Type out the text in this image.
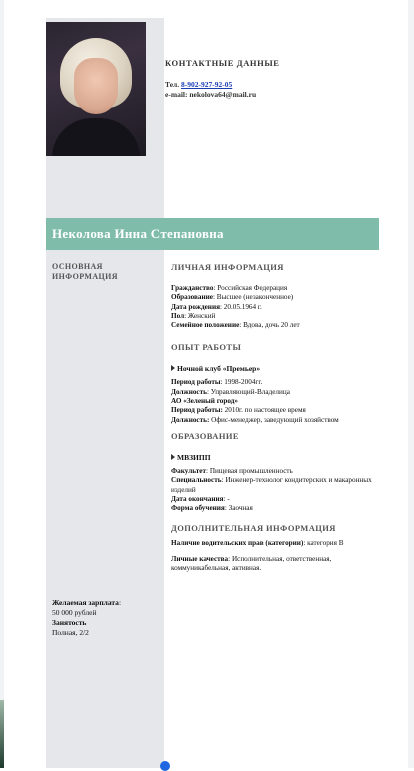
КОНТАКТНЫЕ ДАННЫЕ
Тел. 8-902-927-92-05
e-mail: nekolova64@mail.ru
Неколова Инна Степановна
ОСНОВНАЯ
ИНФОРМАЦИЯ
ЛИЧНАЯ ИНФОРМАЦИЯ
Гражданство: Российская Федерация
Образование: Высшее (незаконченное)
Дата рождения: 20.05.1964 г.
Пол: Женский
Семейное положение: Вдова, дочь 20 лет
ОПЫТ РАБОТЫ
Ночной клуб «Премьер»
Период работы: 1998-2004гг.
Должность: Управляющий-Владелица
АО «Зеленый город»
Период работы: 2010г. по настоящее время
Должность: Офис-менеджер, заведующий хозяйством
ОБРАЗОВАНИЕ
МВЗИПП
Факультет: Пищевая промышленность
Специальность: Инженер-технолог кондитерских и макаронных изделий
Дата окончания: -
Форма обучения: Заочная
ДОПОЛНИТЕЛЬНАЯ ИНФОРМАЦИЯ
Наличие водительских прав (категории): категория В
Личные качества: Исполнительная, ответственная, коммуникабельная, активная.
Желаемая зарплата:
50 000 рублей
Занятость
Полная, 2/2
